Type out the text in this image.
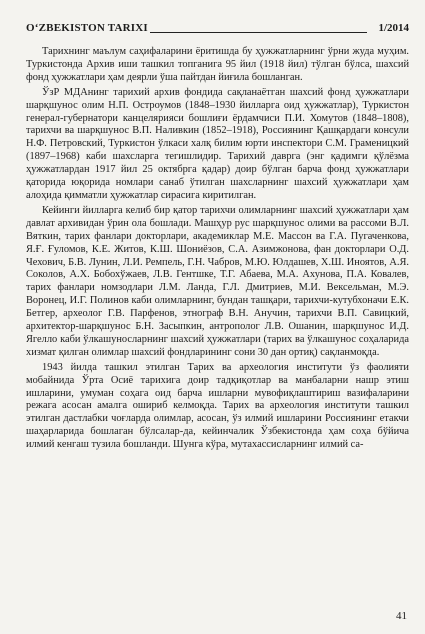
O‘ZBEKISTON TARIXI	1/2014

Тарихнинг маълум саҳифаларини ёритишда бу ҳужжатларнинг ўрни жуда муҳим. Туркистонда Архив иши ташкил топганига 95 йил (1918 йил) тўлган бўлса, шахсий фонд ҳужжатлари ҳам деярли ўша пайтдан йиғила бошланган.

ЎзР МДАнинг тарихий архив фондида сақланаётган шахсий фонд ҳужжатлари шарқшунос олим Н.П. Остроумов (1848–1930 йилларга оид ҳужжатлар), Туркистон генерал-губернатори канцелярияси бошлиғи ёрдамчиси П.И. Хомутов (1848–1808), тарихчи ва шарқшунос В.П. Наливкин (1852–1918), Россиянинг Қашқардаги консули Н.Ф. Петровский, Туркистон ўлкаси халқ билим юрти инспектори С.М. Граменицкий (1897–1968) каби шахсларга тегишлидир. Тарихий даврга (энг қадимги қўлёзма ҳужжатлардан 1917 йил 25 октябрга қадар) доир бўлган барча фонд ҳужжатлари қаторида юқорида номлари санаб ўтилган шахсларнинг шахсий ҳужжатлари ҳам алоҳида қимматли ҳужжатлар сирасига киритилган.

Кейинги йилларга келиб бир қатор тарихчи олимларнинг шахсий ҳужжатлари ҳам давлат архивидан ўрин ола бошлади. Машҳур рус шарқшунос олими ва рассоми В.Л. Вяткин, тарих фанлари докторлари, академиклар М.Е. Массон ва Г.А. Пугаченкова, Я.Ғ. Ғуломов, К.Е. Житов, К.Ш. Шониёзов, С.А. Азимжонова, фан докторлари О.Д. Чехович, Б.В. Лунин, Л.И. Ремпель, Г.Н. Чабров, М.Ю. Юлдашев, Х.Ш. Иноятов, А.Я. Соколов, А.Х. Бобохўжаев, Л.В. Гентшке, Т.Г. Абаева, М.А. Ахунова, П.А. Ковалев, тарих фанлари номзодлари Л.М. Ланда, Г.Л. Дмитриев, М.И. Вексельман, М.Э. Воронец, И.Г. Полинов каби олимларнинг, бундан ташқари, тарихчи-кутубхоначи Е.К. Бетгер, археолог Г.В. Парфенов, этнограф В.Н. Анучин, тарихчи В.П. Савицкий, архитектор-шарқшунос Б.Н. Засыпкин, антрополог Л.В. Ошанин, шарқшунос И.Д. Ягелло каби ўлкашуносларнинг шахсий ҳужжатлари (тарих ва ўлкашунос соҳаларида хизмат қилган олимлар шахсий фондларининг сони 30 дан ортиқ) сақланмоқда.

1943 йилда ташкил этилган Тарих ва археология институти ўз фаолияти мобайнида Ўрта Осиё тарихига доир тадқиқотлар ва манбаларни нашр этиш ишларини, умуман соҳага оид барча ишларни мувофиқлаштириш вазифаларини режага асосан амалга ошириб келмоқда. Тарих ва археология институти ташкил этилган дастлабки чоғларда олимлар, асосан, ўз илмий ишларини Россиянинг етакчи шаҳарларида бошлаган бўлсалар-да, кейинчалик Ўзбекистонда ҳам соҳа бўйича илмий кенгаш тузила бошланди. Шунга кўра, мутахассисларнинг илмий са-

41
